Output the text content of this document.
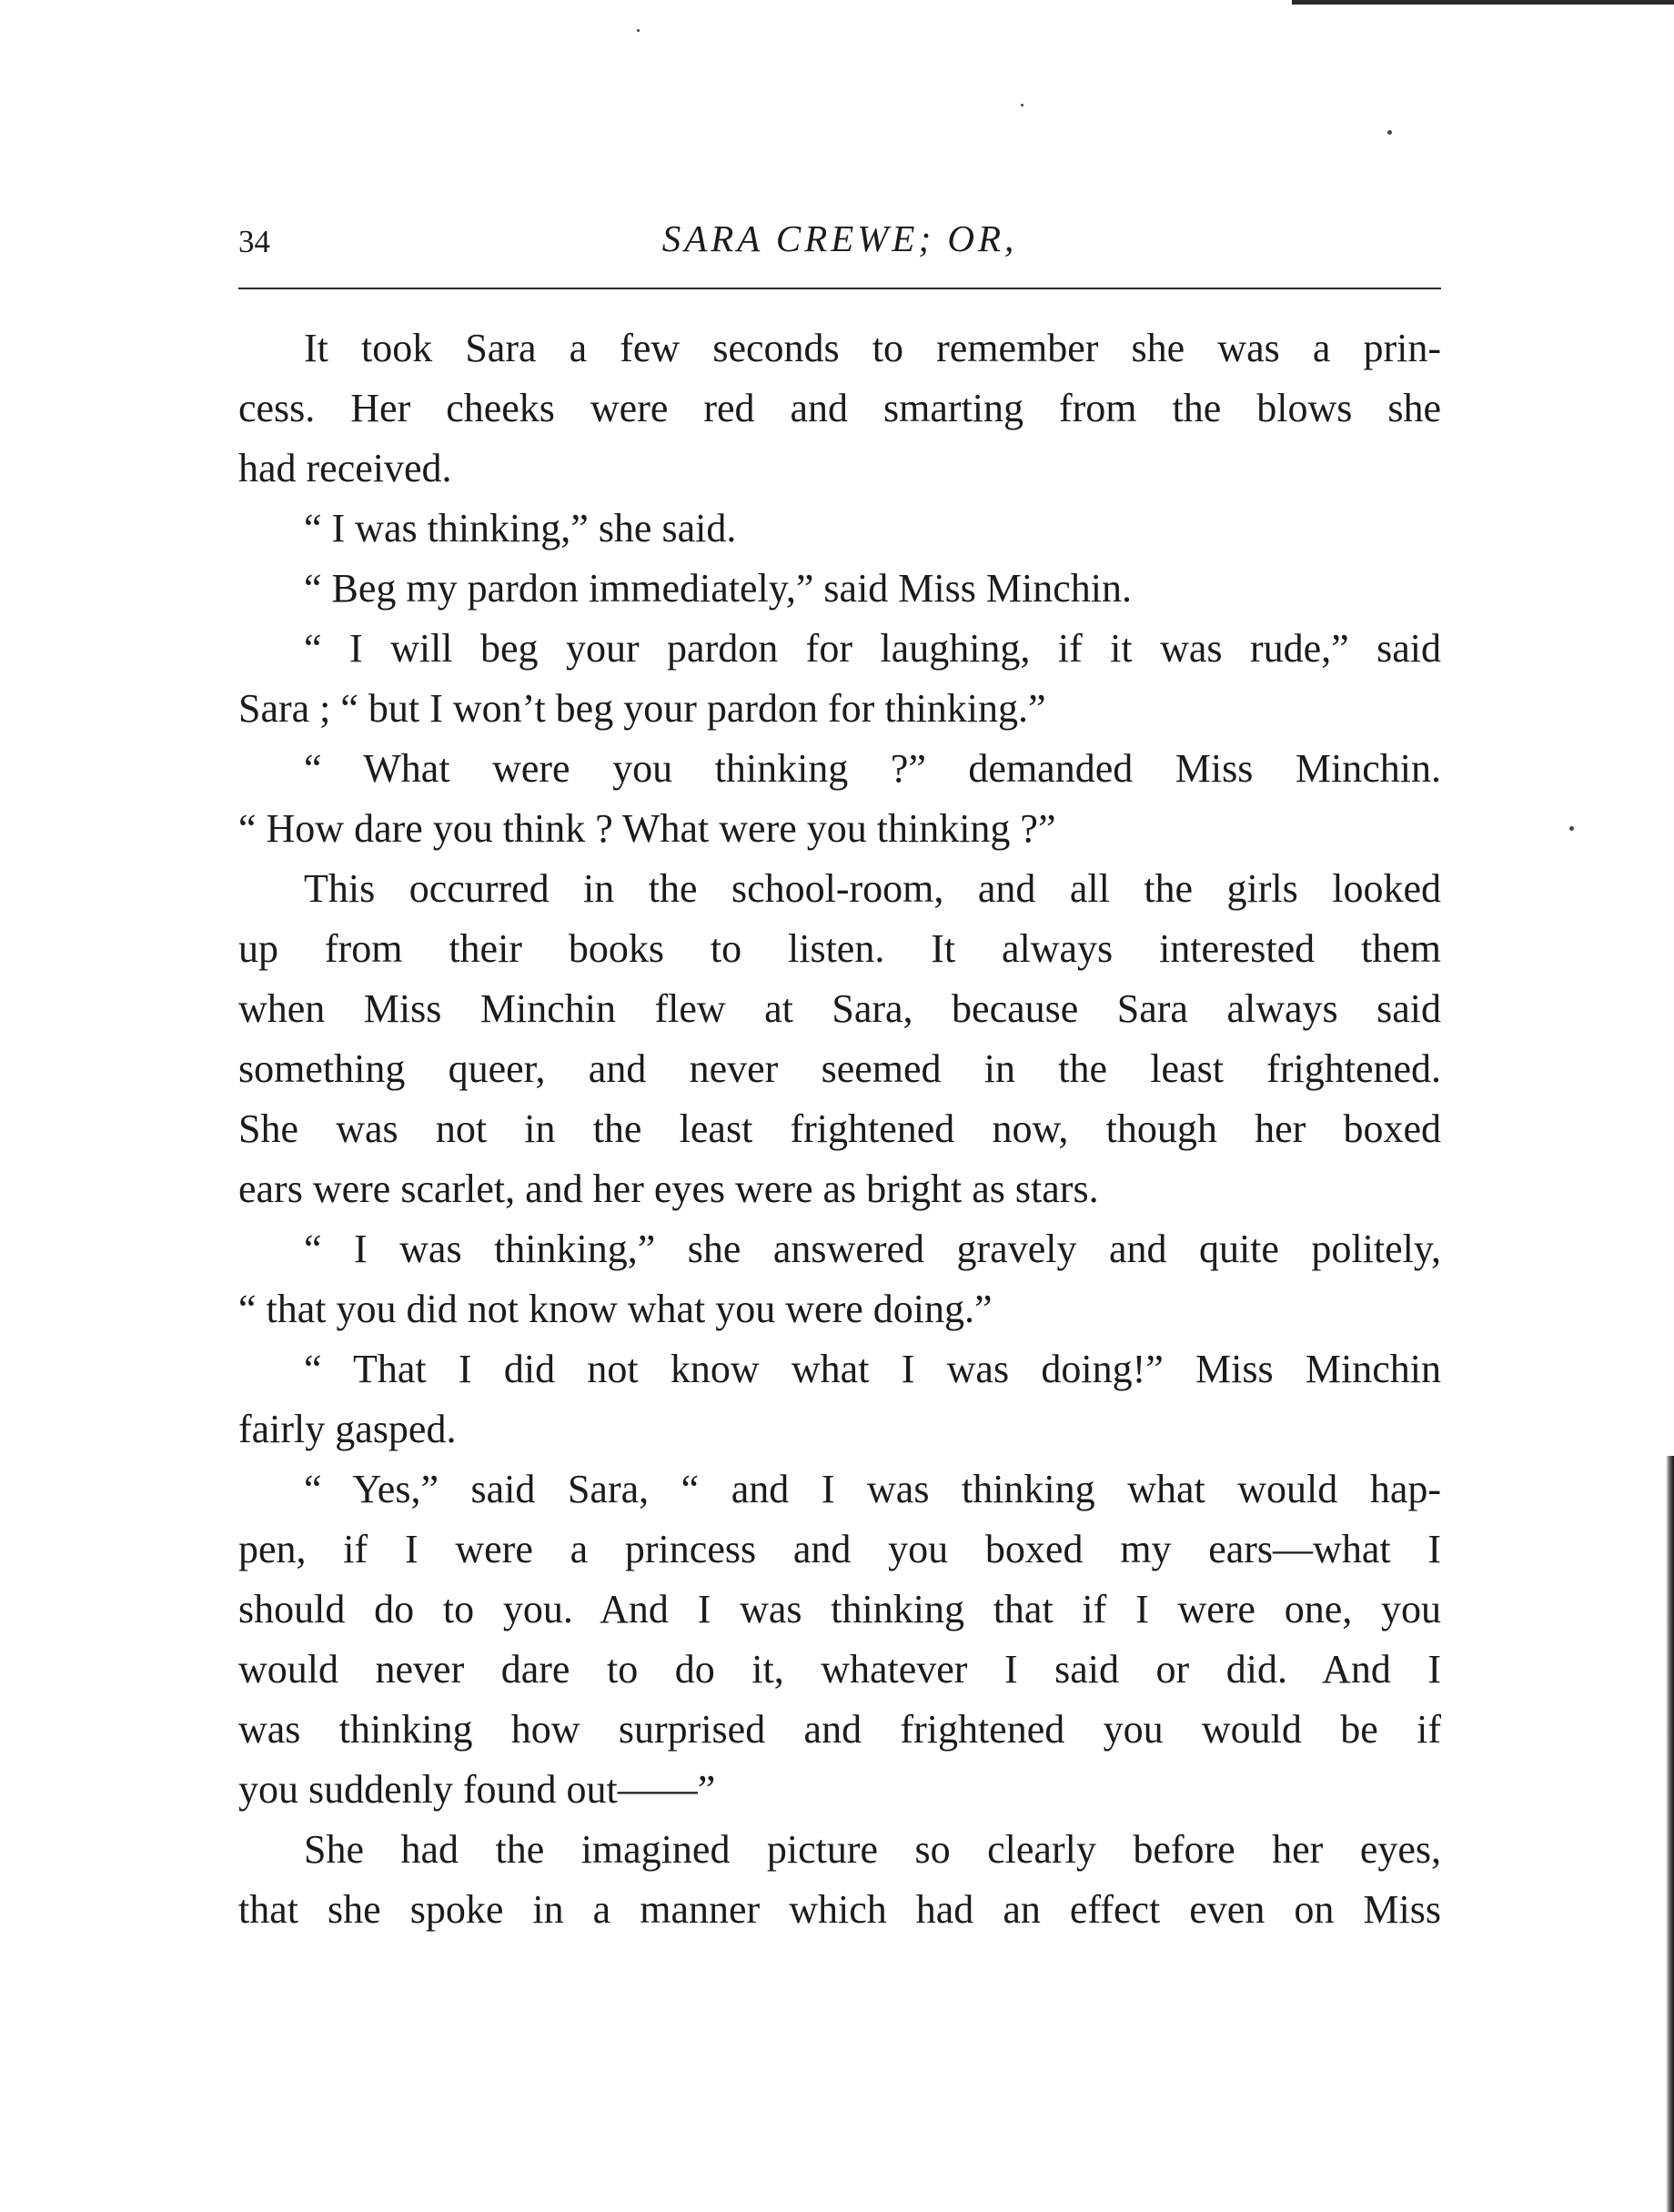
34	SARA CREWE; OR,
It took Sara a few seconds to remember she was a prin-
cess. Her cheeks were red and smarting from the blows she
had received.
“ I was thinking,” she said.
“ Beg my pardon immediately,” said Miss Minchin.
“ I will beg your pardon for laughing, if it was rude,” said
Sara ; “ but I won’t beg your pardon for thinking.”
“ What were you thinking ?” demanded Miss Minchin.
“ How dare you think ? What were you thinking ?”
This occurred in the school-room, and all the girls looked
up from their books to listen. It always interested them
when Miss Minchin flew at Sara, because Sara always said
something queer, and never seemed in the least frightened.
She was not in the least frightened now, though her boxed
ears were scarlet, and her eyes were as bright as stars.
“ I was thinking,” she answered gravely and quite politely,
“ that you did not know what you were doing.”
“ That I did not know what I was doing!” Miss Minchin
fairly gasped.
“ Yes,” said Sara, “ and I was thinking what would hap-
pen, if I were a princess and you boxed my ears—what I
should do to you. And I was thinking that if I were one, you
would never dare to do it, whatever I said or did. And I
was thinking how surprised and frightened you would be if
you suddenly found out——”
She had the imagined picture so clearly before her eyes,
that she spoke in a manner which had an effect even on Miss
